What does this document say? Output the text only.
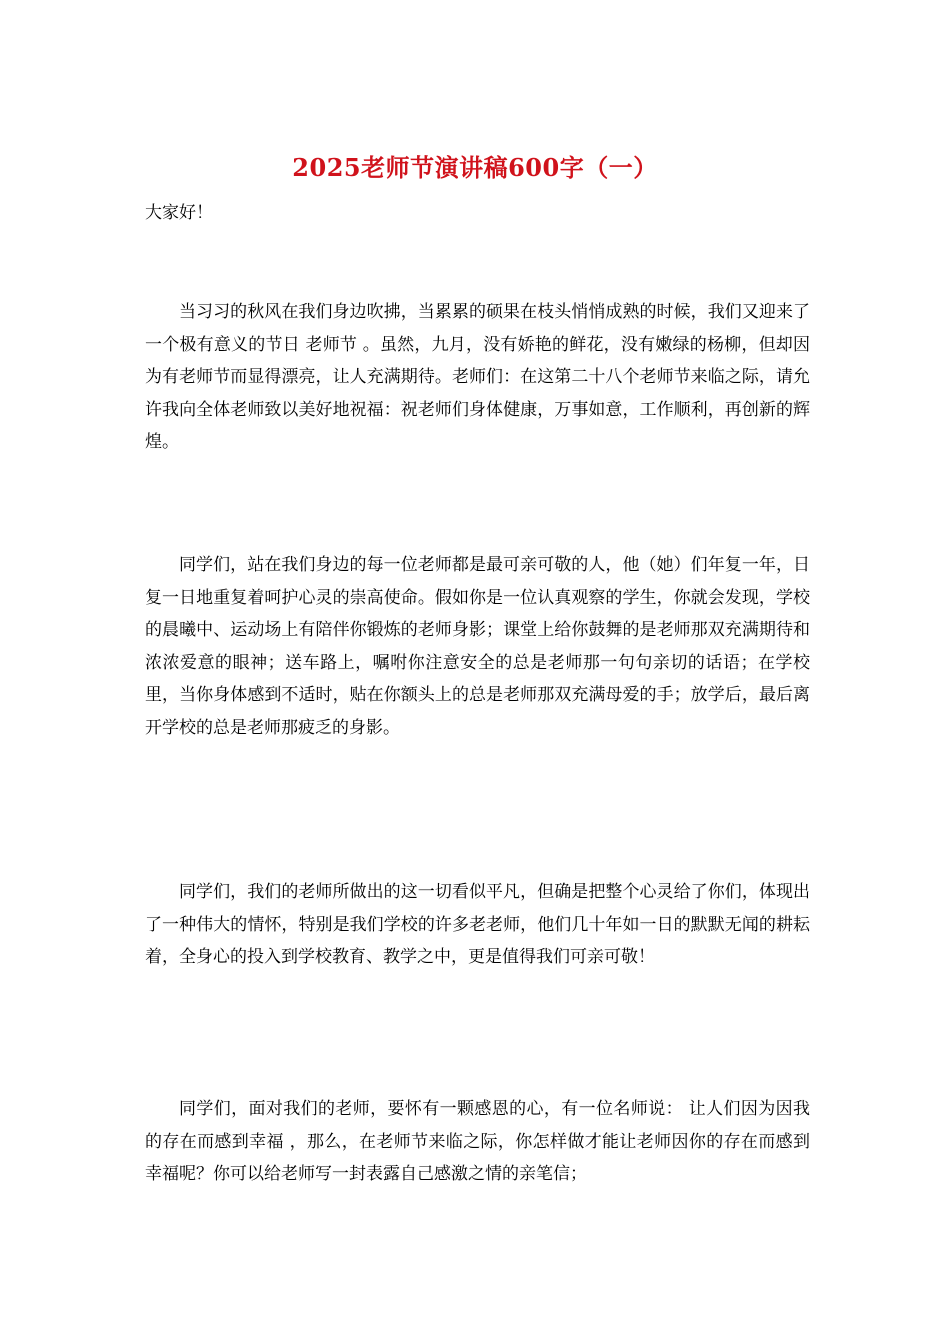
2025老师节演讲稿600字（一）
大家好！

当习习的秋风在我们身边吹拂，当累累的硕果在枝头悄悄成熟的时候，我们又迎来了一个极有意义的节日 老师节 。虽然，九月，没有娇艳的鲜花，没有嫩绿的杨柳，但却因为有老师节而显得漂亮，让人充满期待。老师们：在这第二十八个老师节来临之际，请允许我向全体老师致以美好地祝福：祝老师们身体健康，万事如意，工作顺利，再创新的辉煌。

同学们，站在我们身边的每一位老师都是最可亲可敬的人，他（她）们年复一年，日复一日地重复着呵护心灵的崇高使命。假如你是一位认真观察的学生，你就会发现，学校的晨曦中、运动场上有陪伴你锻炼的老师身影；课堂上给你鼓舞的是老师那双充满期待和浓浓爱意的眼神；送车路上，嘱咐你注意安全的总是老师那一句句亲切的话语；在学校里，当你身体感到不适时，贴在你额头上的总是老师那双充满母爱的手；放学后，最后离开学校的总是老师那疲乏的身影。

同学们，我们的老师所做出的这一切看似平凡，但确是把整个心灵给了你们，体现出了一种伟大的情怀，特别是我们学校的许多老老师，他们几十年如一日的默默无闻的耕耘着，全身心的投入到学校教育、教学之中，更是值得我们可亲可敬！

同学们，面对我们的老师，要怀有一颗感恩的心，有一位名师说： 让人们因为因我的存在而感到幸福 ，那么，在老师节来临之际，你怎样做才能让老师因你的存在而感到幸福呢？你可以给老师写一封表露自己感激之情的亲笔信；
